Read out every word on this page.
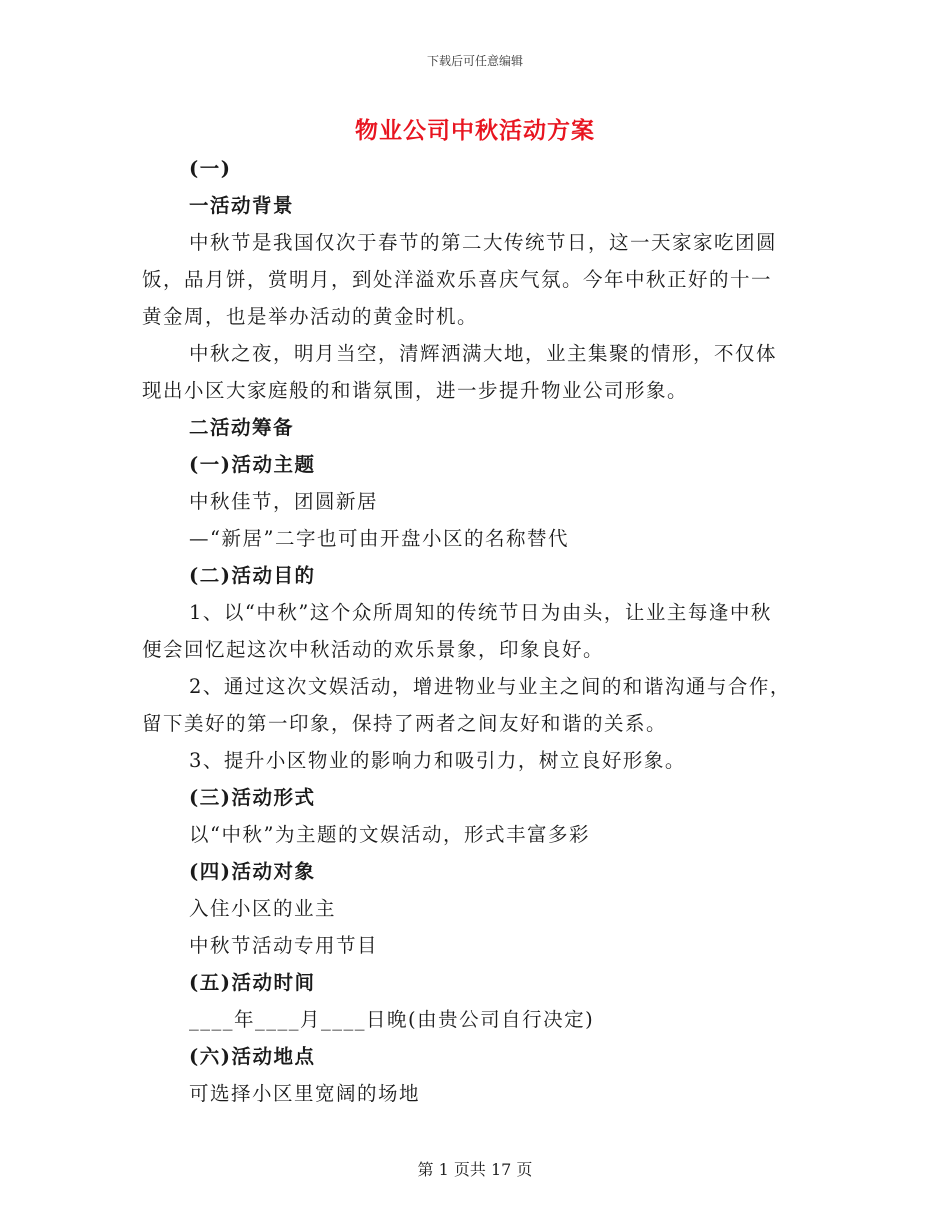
下载后可任意编辑
物业公司中秋活动方案

(一)

一活动背景

中秋节是我国仅次于春节的第二大传统节日，这一天家家吃团圆

饭，品月饼，赏明月，到处洋溢欢乐喜庆气氛。今年中秋正好的十一

黄金周，也是举办活动的黄金时机。

中秋之夜，明月当空，清辉洒满大地，业主集聚的情形，不仅体

现出小区大家庭般的和谐氛围，进一步提升物业公司形象。

二活动筹备

(一)活动主题

中秋佳节，团圆新居

—“新居”二字也可由开盘小区的名称替代

(二)活动目的

1、以“中秋”这个众所周知的传统节日为由头，让业主每逢中秋

便会回忆起这次中秋活动的欢乐景象，印象良好。

2、通过这次文娱活动，增进物业与业主之间的和谐沟通与合作，

留下美好的第一印象，保持了两者之间友好和谐的关系。

3、提升小区物业的影响力和吸引力，树立良好形象。

(三)活动形式

以“中秋”为主题的文娱活动，形式丰富多彩

(四)活动对象

入住小区的业主

中秋节活动专用节目

(五)活动时间

____年____月____日晚(由贵公司自行决定)

(六)活动地点

可选择小区里宽阔的场地

第 1 页共 17 页
